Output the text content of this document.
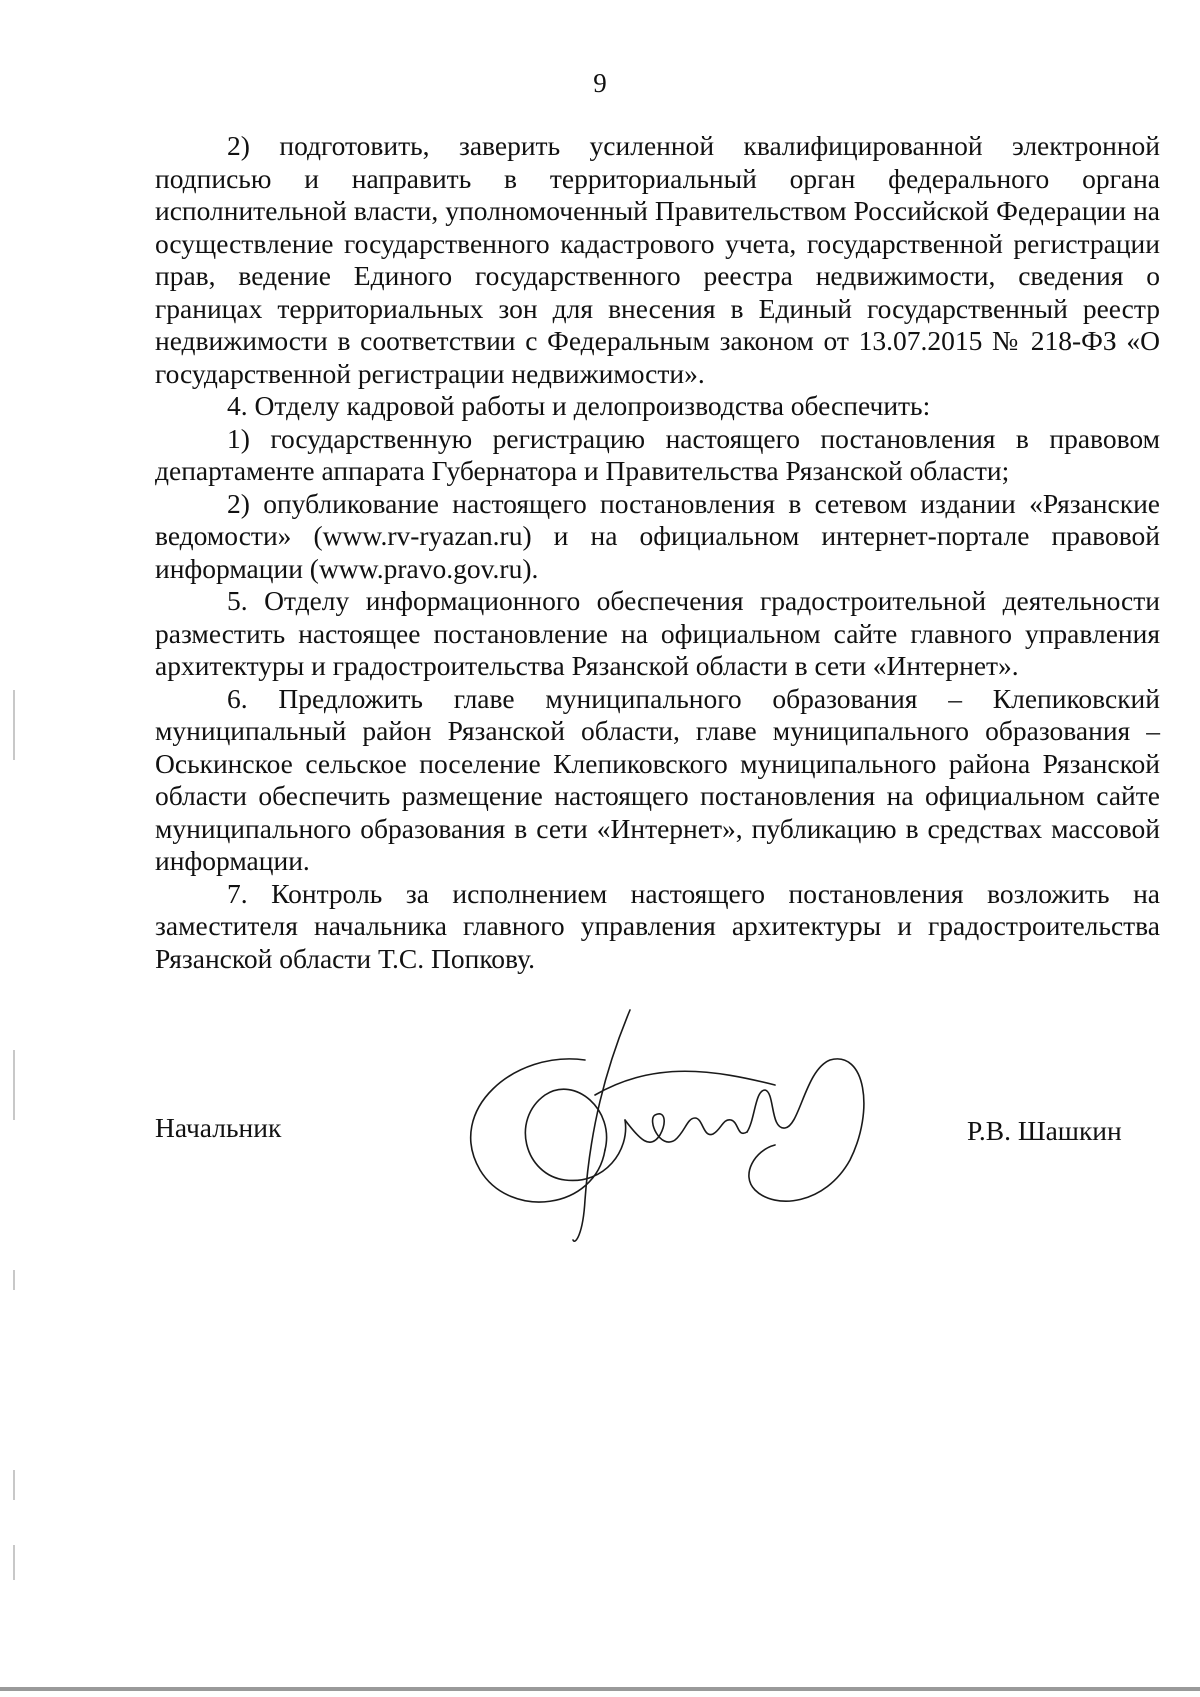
9

2) подготовить, заверить усиленной квалифицированной электронной подписью и направить в территориальный орган федерального органа исполнительной власти, уполномоченный Правительством Российской Федерации на осуществление государственного кадастрового учета, государственной регистрации прав, ведение Единого государственного реестра недвижимости, сведения о границах территориальных зон для внесения в Единый государственный реестр недвижимости в соответствии с Федеральным законом от 13.07.2015 № 218-ФЗ «О государственной регистрации недвижимости».

4. Отделу кадровой работы и делопроизводства обеспечить:

1) государственную регистрацию настоящего постановления в правовом департаменте аппарата Губернатора и Правительства Рязанской области;

2) опубликование настоящего постановления в сетевом издании «Рязанские ведомости» (www.rv-ryazan.ru) и на официальном интернет-портале правовой информации (www.pravo.gov.ru).

5. Отделу информационного обеспечения градостроительной деятельности разместить настоящее постановление на официальном сайте главного управления архитектуры и градостроительства Рязанской области в сети «Интернет».

6. Предложить главе муниципального образования – Клепиковский муниципальный район Рязанской области, главе муниципального образования – Оськинское сельское поселение Клепиковского муниципального района Рязанской области обеспечить размещение настоящего постановления на официальном сайте муниципального образования в сети «Интернет», публикацию в средствах массовой информации.

7. Контроль за исполнением настоящего постановления возложить на заместителя начальника главного управления архитектуры и градостроительства Рязанской области Т.С. Попкову.

Начальник	Р.В. Шашкин
